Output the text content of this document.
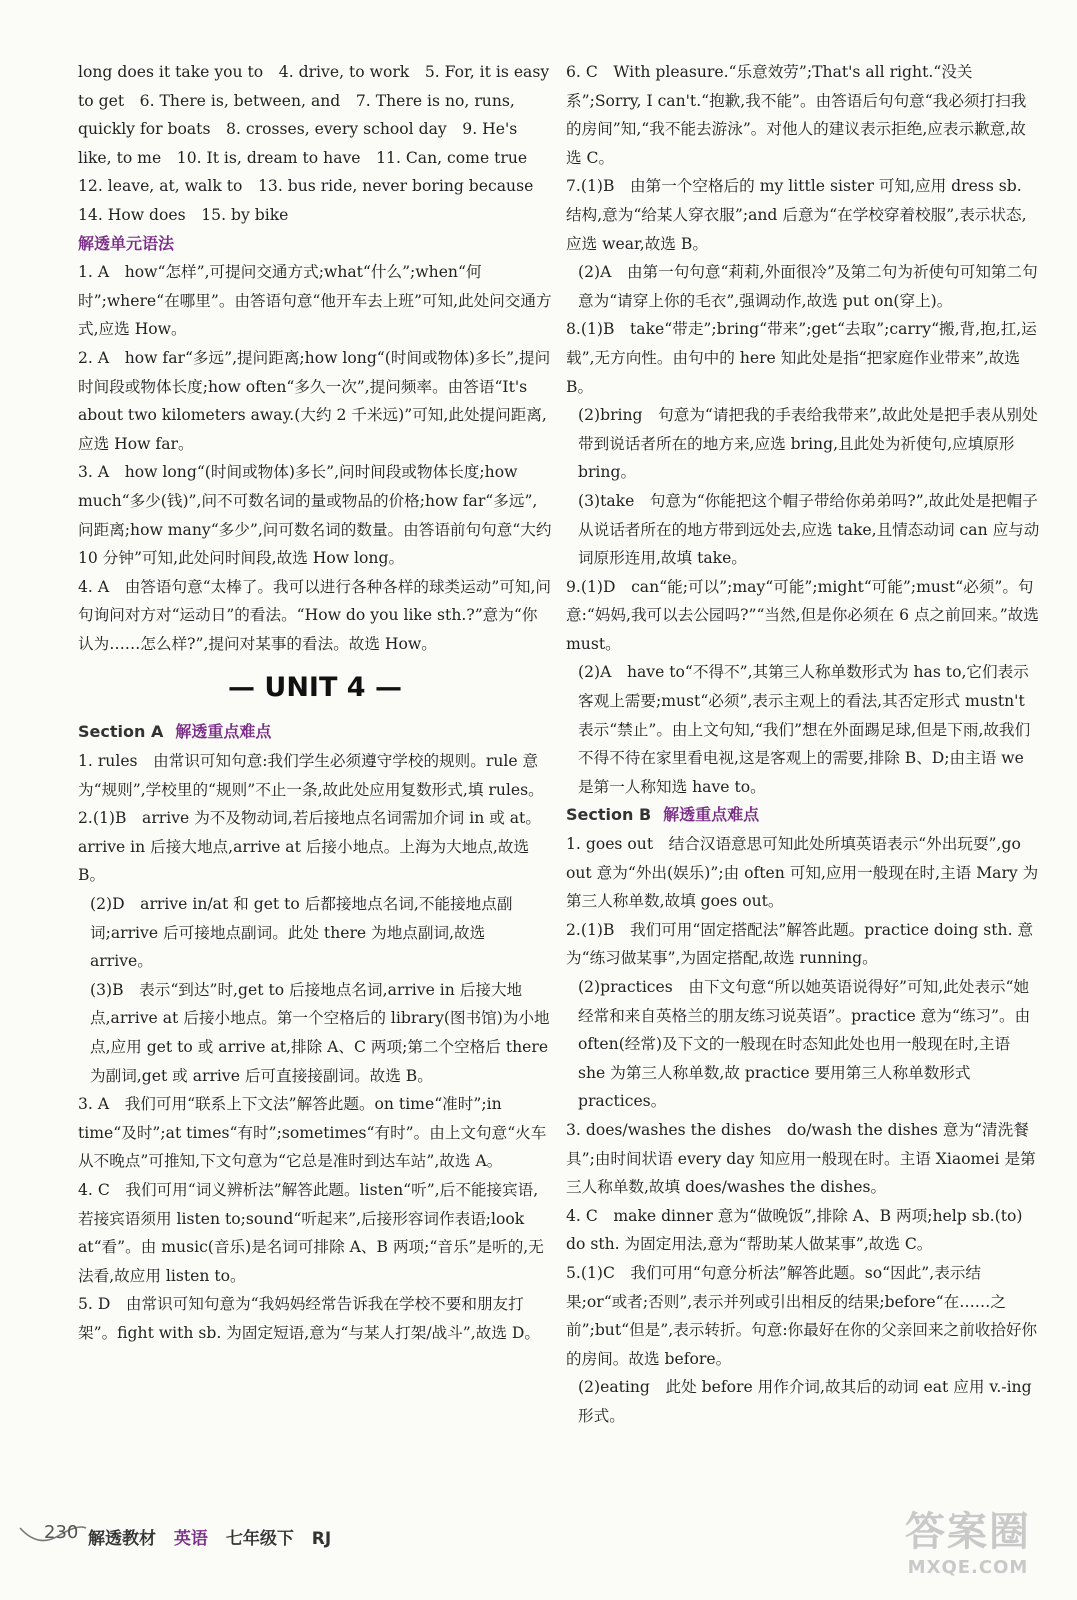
long does it take you to　4. drive, to work　5. For, it is easy to get　6. There is, between, and　7. There is no, runs, quickly for boats　8. crosses, every school day　9. He's like, to me　10. It is, dream to have　11. Can, come true　12. leave, at, walk to　13. bus ride, never boring because　14. How does　15. by bike

解透单元语法

1. A　how“怎样”,可提问交通方式;what“什么”;when“何时”;where“在哪里”。由答语句意“他开车去上班”可知,此处问交通方式,应选 How。

2. A　how far“多远”,提问距离;how long“(时间或物体)多长”,提问时间段或物体长度;how often“多久一次”,提问频率。由答语“It's about two kilometers away.(大约 2 千米远)”可知,此处提问距离,应选 How far。

3. A　how long“(时间或物体)多长”,问时间段或物体长度;how much“多少(钱)”,问不可数名词的量或物品的价格;how far“多远”,问距离;how many“多少”,问可数名词的数量。由答语前句句意“大约 10 分钟”可知,此处问时间段,故选 How long。

4. A　由答语句意“太棒了。我可以进行各种各样的球类运动”可知,问句询问对方对“运动日”的看法。“How do you like sth.?”意为“你认为……怎么样?”,提问对某事的看法。故选 How。

— UNIT 4 —
Section A 解透重点难点

1. rules　由常识可知句意:我们学生必须遵守学校的规则。rule 意为“规则”,学校里的“规则”不止一条,故此处应用复数形式,填 rules。

2.(1)B　arrive 为不及物动词,若后接地点名词需加介词 in 或 at。arrive in 后接大地点,arrive at 后接小地点。上海为大地点,故选 B。

(2)D　arrive in/at 和 get to 后都接地点名词,不能接地点副词;arrive 后可接地点副词。此处 there 为地点副词,故选 arrive。

(3)B　表示“到达”时,get to 后接地点名词,arrive in 后接大地点,arrive at 后接小地点。第一个空格后的 library(图书馆)为小地点,应用 get to 或 arrive at,排除 A、C 两项;第二个空格后 there 为副词,get 或 arrive 后可直接接副词。故选 B。

3. A　我们可用“联系上下文法”解答此题。on time“准时”;in time“及时”;at times“有时”;sometimes“有时”。由上文句意“火车从不晚点”可推知,下文句意为“它总是准时到达车站”,故选 A。

4. C　我们可用“词义辨析法”解答此题。listen“听”,后不能接宾语,若接宾语须用 listen to;sound“听起来”,后接形容词作表语;look at“看”。由 music(音乐)是名词可排除 A、B 两项;“音乐”是听的,无法看,故应用 listen to。

5. D　由常识可知句意为“我妈妈经常告诉我在学校不要和朋友打架”。fight with sb. 为固定短语,意为“与某人打架/战斗”,故选 D。

6. C　With pleasure.“乐意效劳”;That's all right.“没关系”;Sorry, I can't.“抱歉,我不能”。由答语后句句意“我必须打扫我的房间”知,“我不能去游泳”。对他人的建议表示拒绝,应表示歉意,故选 C。

7.(1)B　由第一个空格后的 my little sister 可知,应用 dress sb. 结构,意为“给某人穿衣服”;and 后意为“在学校穿着校服”,表示状态,应选 wear,故选 B。

(2)A　由第一句句意“莉莉,外面很冷”及第二句为祈使句可知第二句意为“请穿上你的毛衣”,强调动作,故选 put on(穿上)。

8.(1)B　take“带走”;bring“带来”;get“去取”;carry“搬,背,抱,扛,运载”,无方向性。由句中的 here 知此处是指“把家庭作业带来”,故选 B。

(2)bring　句意为“请把我的手表给我带来”,故此处是把手表从别处带到说话者所在的地方来,应选 bring,且此处为祈使句,应填原形 bring。

(3)take　句意为“你能把这个帽子带给你弟弟吗?”,故此处是把帽子从说话者所在的地方带到远处去,应选 take,且情态动词 can 应与动词原形连用,故填 take。

9.(1)D　can“能;可以”;may“可能”;might“可能”;must“必须”。句意:“妈妈,我可以去公园吗?”“当然,但是你必须在 6 点之前回来。”故选 must。

(2)A　have to“不得不”,其第三人称单数形式为 has to,它们表示客观上需要;must“必须”,表示主观上的看法,其否定形式 mustn't 表示“禁止”。由上文句知,“我们”想在外面踢足球,但是下雨,故我们不得不待在家里看电视,这是客观上的需要,排除 B、D;由主语 we 是第一人称知选 have to。

Section B 解透重点难点

1. goes out　结合汉语意思可知此处所填英语表示“外出玩耍”,go out 意为“外出(娱乐)”;由 often 可知,应用一般现在时,主语 Mary 为第三人称单数,故填 goes out。

2.(1)B　我们可用“固定搭配法”解答此题。practice doing sth. 意为“练习做某事”,为固定搭配,故选 running。

(2)practices　由下文句意“所以她英语说得好”可知,此处表示“她经常和来自英格兰的朋友练习说英语”。practice 意为“练习”。由 often(经常)及下文的一般现在时态知此处也用一般现在时,主语 she 为第三人称单数,故 practice 要用第三人称单数形式 practices。

3. does/washes the dishes　do/wash the dishes 意为“清洗餐具”;由时间状语 every day 知应用一般现在时。主语 Xiaomei 是第三人称单数,故填 does/washes the dishes。

4. C　make dinner 意为“做晚饭”,排除 A、B 两项;help sb.(to) do sth. 为固定用法,意为“帮助某人做某事”,故选 C。

5.(1)C　我们可用“句意分析法”解答此题。so“因此”,表示结果;or“或者;否则”,表示并列或引出相反的结果;before“在……之前”;but“但是”,表示转折。句意:你最好在你的父亲回来之前收拾好你的房间。故选 before。

(2)eating　此处 before 用作介词,故其后的动词 eat 应用 v.-ing 形式。

230 解透教材 英语 七年级下 RJ	答案圈
MXQE.COM
